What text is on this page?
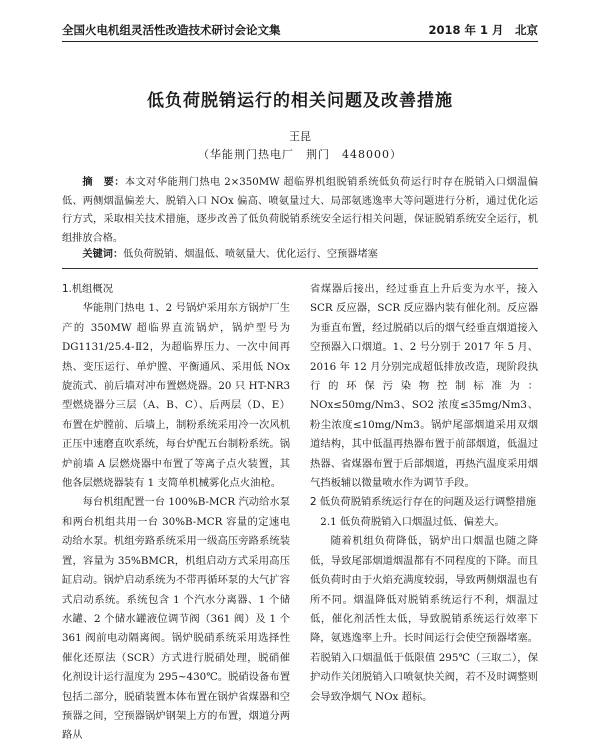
全国火电机组灵活性改造技术研讨会论文集	2018 年 1 月　北京
低负荷脱销运行的相关问题及改善措施
王昆
（华能荆门热电厂　荆门　448000）
摘　要：本文对华能荆门热电 2×350MW 超临界机组脱销系统低负荷运行时存在脱销入口烟温偏低、两侧烟温偏差大、脱销入口 NOx 偏高、喷氨量过大、局部氨逃逸率大等问题进行分析，通过优化运行方式，采取相关技术措施，逐步改善了低负荷脱销系统安全运行相关问题，保证脱销系统安全运行，机组排放合格。
关键词：低负荷脱销、烟温低、喷氨量大、优化运行、空预器堵塞
1.机组概况

华能荆门热电 1、2 号锅炉采用东方锅炉厂生产的 350MW 超临界直流锅炉，锅炉型号为 DG1131/25.4-Ⅱ2，为超临界压力、一次中间再热、变压运行、单炉膛、平衡通风、采用低 NOx 旋流式、前后墙对冲布置燃烧器。20 只 HT-NR3 型燃烧器分三层（A、B、C）、后两层（D、E）布置在炉膛前、后墙上，制粉系统采用冷一次风机正压中速磨直吹系统，每台炉配五台制粉系统。锅炉前墙 A 层燃烧器中布置了等离子点火装置，其他各层燃烧器装有 1 支简单机械雾化点火油枪。

每台机组配置一台 100%B-MCR 汽动给水泵和两台机组共用一台 30%B-MCR 容量的定速电动给水泵。机组旁路系统采用一级高压旁路系统装置，容量为 35%BMCR，机组启动方式采用高压缸启动。锅炉启动系统为不带再循环泵的大气扩容式启动系统。系统包含 1 个汽水分离器、1 个储水罐、2 个储水罐液位调节阀（361 阀）及 1 个 361 阀前电动隔离阀。锅炉脱硝系统采用选择性催化还原法（SCR）方式进行脱硝处理，脱硝催化剂设计运行温度为 295~430℃。脱硝设备布置包括二部分，脱硝装置本体布置在锅炉省煤器和空预器之间，空预器锅炉钢架上方的布置，烟道分两路从

省煤器后接出，经过垂直上升后变为水平，接入 SCR 反应器，SCR 反应器内装有催化剂。反应器为垂直布置，经过脱硝以后的烟气经垂直烟道接入空预器入口烟道。1、2 号分别于 2017 年 5 月、2016 年 12 月分别完成超低排放改造，现阶段执行的环保污染物控制标准为：NOx≤50mg/Nm3、SO2 浓度≤35mg/Nm3、粉尘浓度≤10mg/Nm3。锅炉尾部烟道采用双烟道结构，其中低温再热器布置于前部烟道，低温过热器、省煤器布置于后部烟道，再热汽温度采用烟气挡板辅以微量喷水作为调节手段。

2 低负荷脱销系统运行存在的问题及运行调整措施
2.1 低负荷脱销入口烟温过低、偏差大。

随着机组负荷降低，锅炉出口烟温也随之降低，导致尾部烟道烟温都有不同程度的下降。而且低负荷时由于火焰充满度较弱，导致两侧烟温也有所不同。烟温降低对脱销系统运行不利，烟温过低，催化剂活性太低，导致脱销系统运行效率下降，氨逃逸率上升。长时间运行会使空预器堵塞。若脱销入口烟温低于低限值 295℃（三取二），保护动作关闭脱销入口喷氨快关阀，若不及时调整则会导致净烟气 NOx 超标。
